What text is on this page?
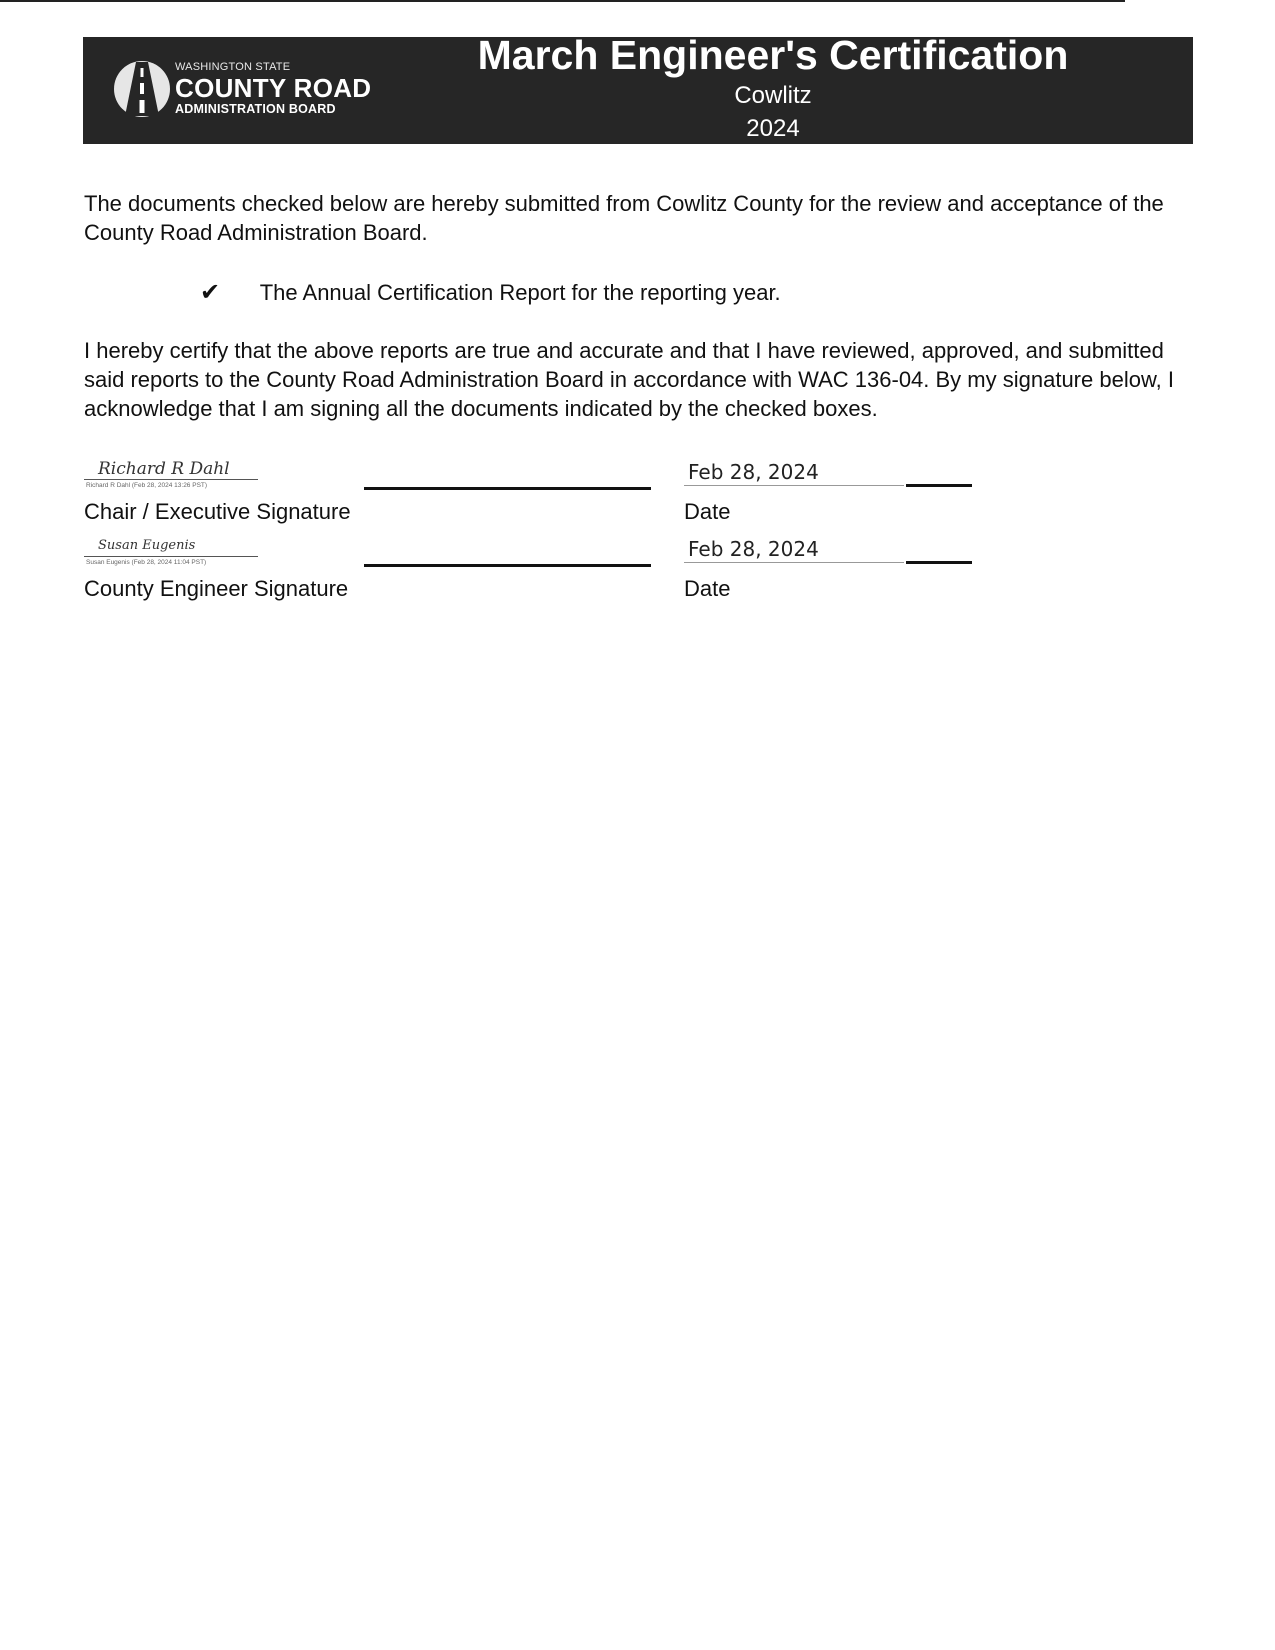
WASHINGTON STATE
COUNTY ROAD
ADMINISTRATION BOARD
March Engineer's Certification
Cowlitz
2024

The documents checked below are hereby submitted from Cowlitz County for the review and acceptance of the County Road Administration Board.

✔ The Annual Certification Report for the reporting year.

I hereby certify that the above reports are true and accurate and that I have reviewed, approved, and submitted said reports to the County Road Administration Board in accordance with WAC 136-04. By my signature below, I acknowledge that I am signing all the documents indicated by the checked boxes.

Richard R Dahl
Richard R Dahl (Feb 28, 2024 13:26 PST)
Feb 28, 2024
Chair / Executive Signature	Date
Susan Eugenis
Susan Eugenis (Feb 28, 2024 11:04 PST)
Feb 28, 2024
County Engineer Signature	Date
